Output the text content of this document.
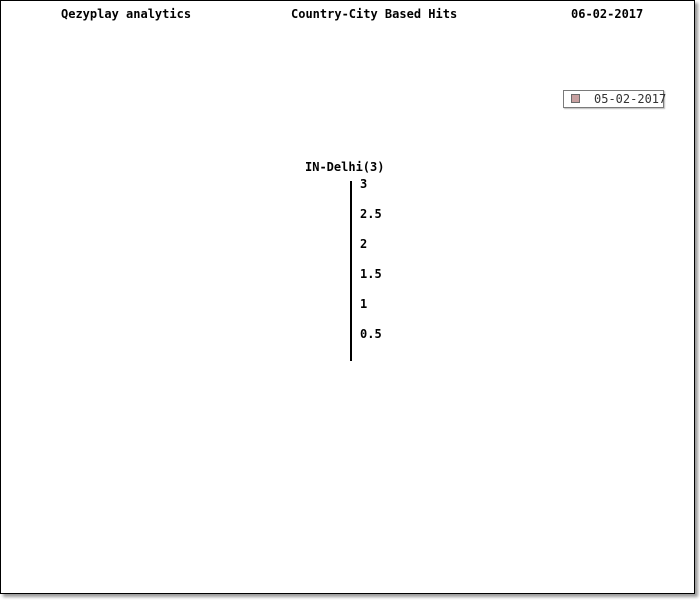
Qezyplay analytics	Country-City Based Hits	06-02-2017
05-02-2017
IN-Delhi(3)
3
2.5
2
1.5
1
0.5
